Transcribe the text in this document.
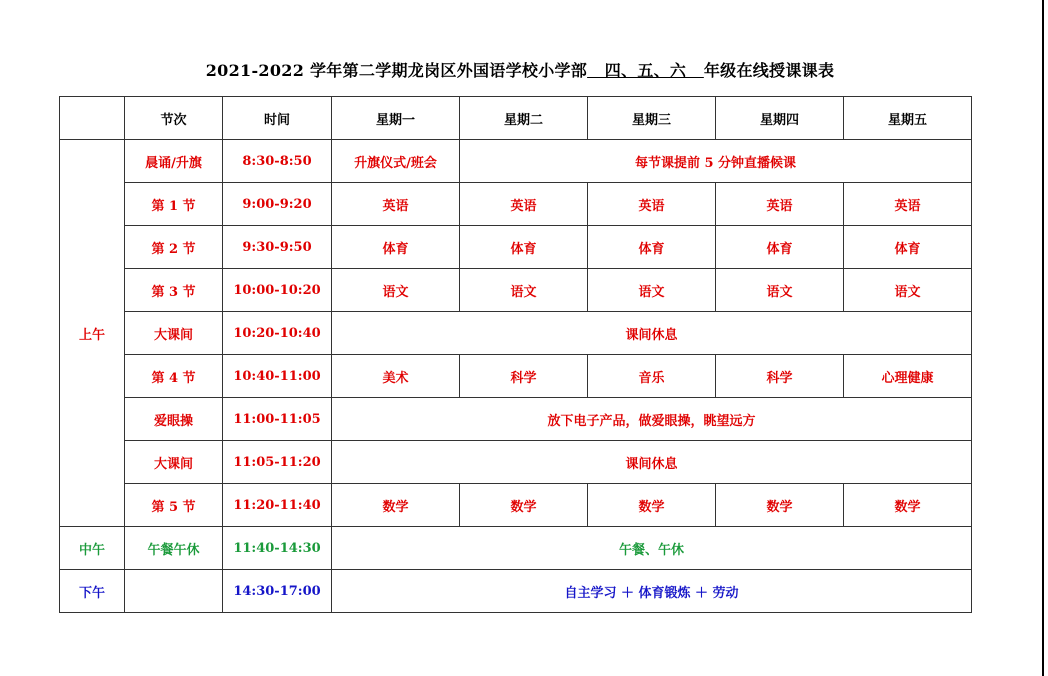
2021-2022 学年第二学期龙岗区外国语学校小学部   四、五、六   年级在线授课课表
	节次	时间	星期一	星期二	星期三	星期四	星期五
上午	晨诵/升旗	8:30-8:50	升旗仪式/班会	每节课提前 5 分钟直播候课			
	第 1 节	9:00-9:20	英语	英语	英语	英语	英语
	第 2 节	9:30-9:50	体育	体育	体育	体育	体育
	第 3 节	10:00-10:20	语文	语文	语文	语文	语文
	大课间	10:20-10:40	课间休息				
	第 4 节	10:40-11:00	美术	科学	音乐	科学	心理健康
	爱眼操	11:00-11:05	放下电子产品，做爱眼操，眺望远方				
	大课间	11:05-11:20	课间休息				
	第 5 节	11:20-11:40	数学	数学	数学	数学	数学
中午	午餐午休	11:40-14:30	午餐、午休				
下午		14:30-17:00	自主学习 ＋ 体育锻炼 ＋ 劳动				
